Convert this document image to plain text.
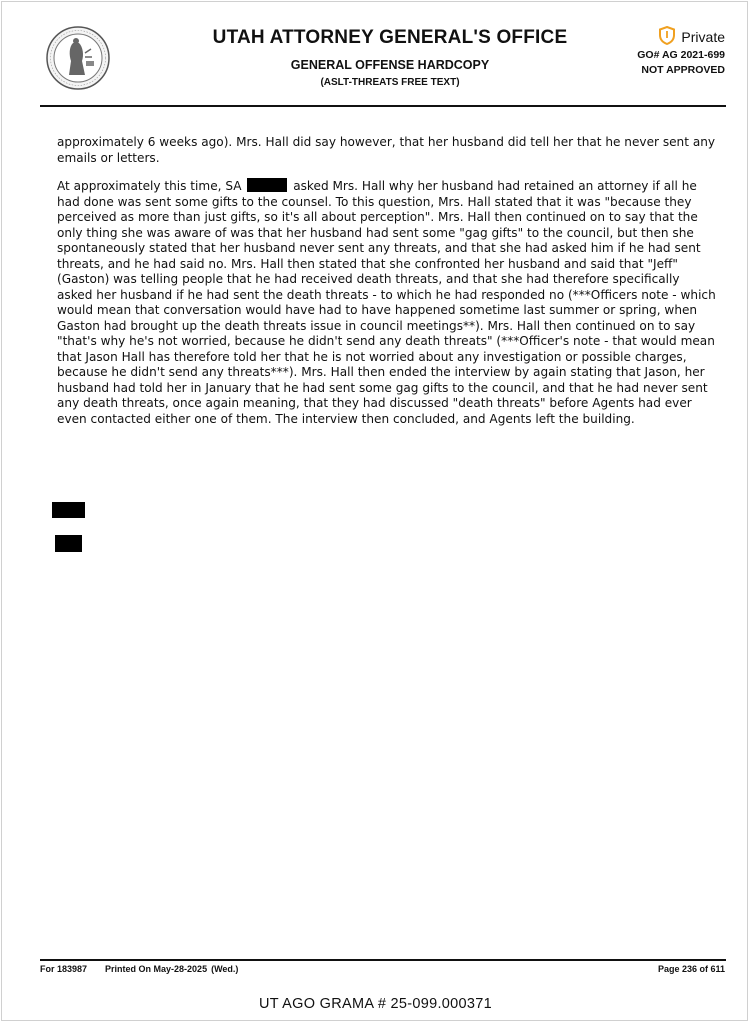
UTAH ATTORNEY GENERAL'S OFFICE
GENERAL OFFENSE HARDCOPY
(ASLT-THREATS FREE TEXT)
Private
GO# AG 2021-699
NOT APPROVED

approximately 6 weeks ago). Mrs. Hall did say however, that her husband did tell her that he never sent any emails or letters.

At approximately this time, SA	asked Mrs. Hall why her husband had retained an attorney if all he had done was sent some gifts to the counsel. To this question, Mrs. Hall stated that it was "because they perceived as more than just gifts, so it's all about perception". Mrs. Hall then continued on to say that the only thing she was aware of was that her husband had sent some "gag gifts" to the council, but then she spontaneously stated that her husband never sent any threats, and that she had asked him if he had sent threats, and he had said no. Mrs. Hall then stated that she confronted her husband and said that "Jeff" (Gaston) was telling people that he had received death threats, and that she had therefore specifically asked her husband if he had sent the death threats - to which he had responded no (***Officers note - which would mean that conversation would have had to have happened sometime last summer or spring, when Gaston had brought up the death threats issue in council meetings**). Mrs. Hall then continued on to say "that's why he's not worried, because he didn't send any death threats" (***Officer's note - that would mean that Jason Hall has therefore told her that he is not worried about any investigation or possible charges, because he didn't send any threats***). Mrs. Hall then ended the interview by again stating that Jason, her husband had told her in January that he had sent some gag gifts to the council, and that he had never sent any death threats, once again meaning, that they had discussed "death threats" before Agents had ever even contacted either one of them. The interview then concluded, and Agents left the building.

For 183987 Printed On May-28-2025 (Wed.)	Page 236 of 611
UT AGO GRAMA # 25-099.000371
